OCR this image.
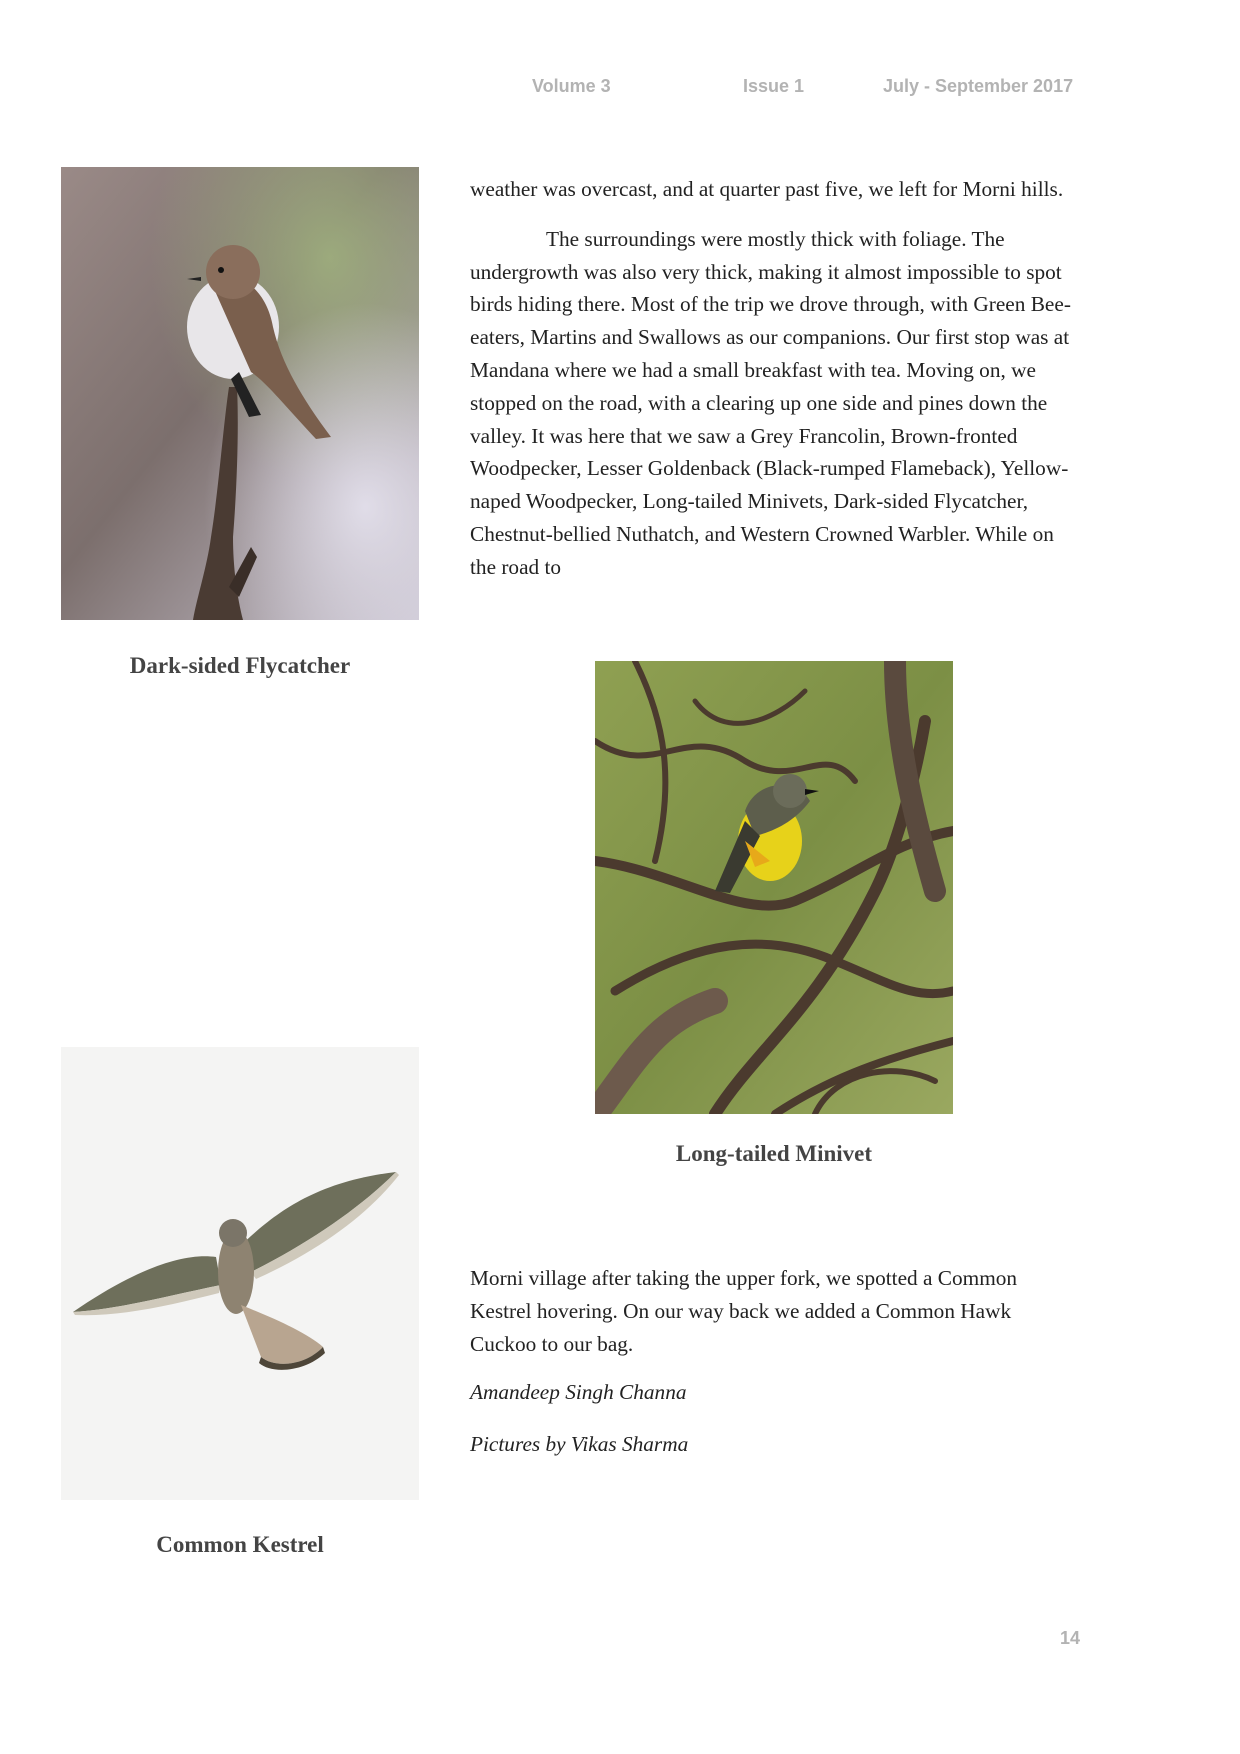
Volume 3	Issue 1	July - September 2017
Dark-sided Flycatcher

weather was overcast, and at quarter past five, we left for Morni hills.

The surroundings were mostly thick with foliage. The undergrowth was also very thick, making it almost impossible to spot birds hiding there. Most of the trip we drove through, with Green Bee-eaters, Martins and Swallows as our companions. Our first stop was at Mandana where we had a small breakfast with tea. Moving on, we stopped on the road, with a clearing up one side and pines down the valley. It was here that we saw a Grey Francolin, Brown-fronted Woodpecker, Lesser Goldenback (Black-rumped Flameback), Yellow-naped Woodpecker, Long-tailed Minivets, Dark-sided Flycatcher, Chestnut-bellied Nuthatch, and Western Crowned Warbler. While on the road to

Long-tailed Minivet
Common Kestrel

Morni village after taking the upper fork, we spotted a Common Kestrel hovering. On our way back we added a Common Hawk Cuckoo to our bag.

Amandeep Singh Channa
Pictures by Vikas Sharma
14
